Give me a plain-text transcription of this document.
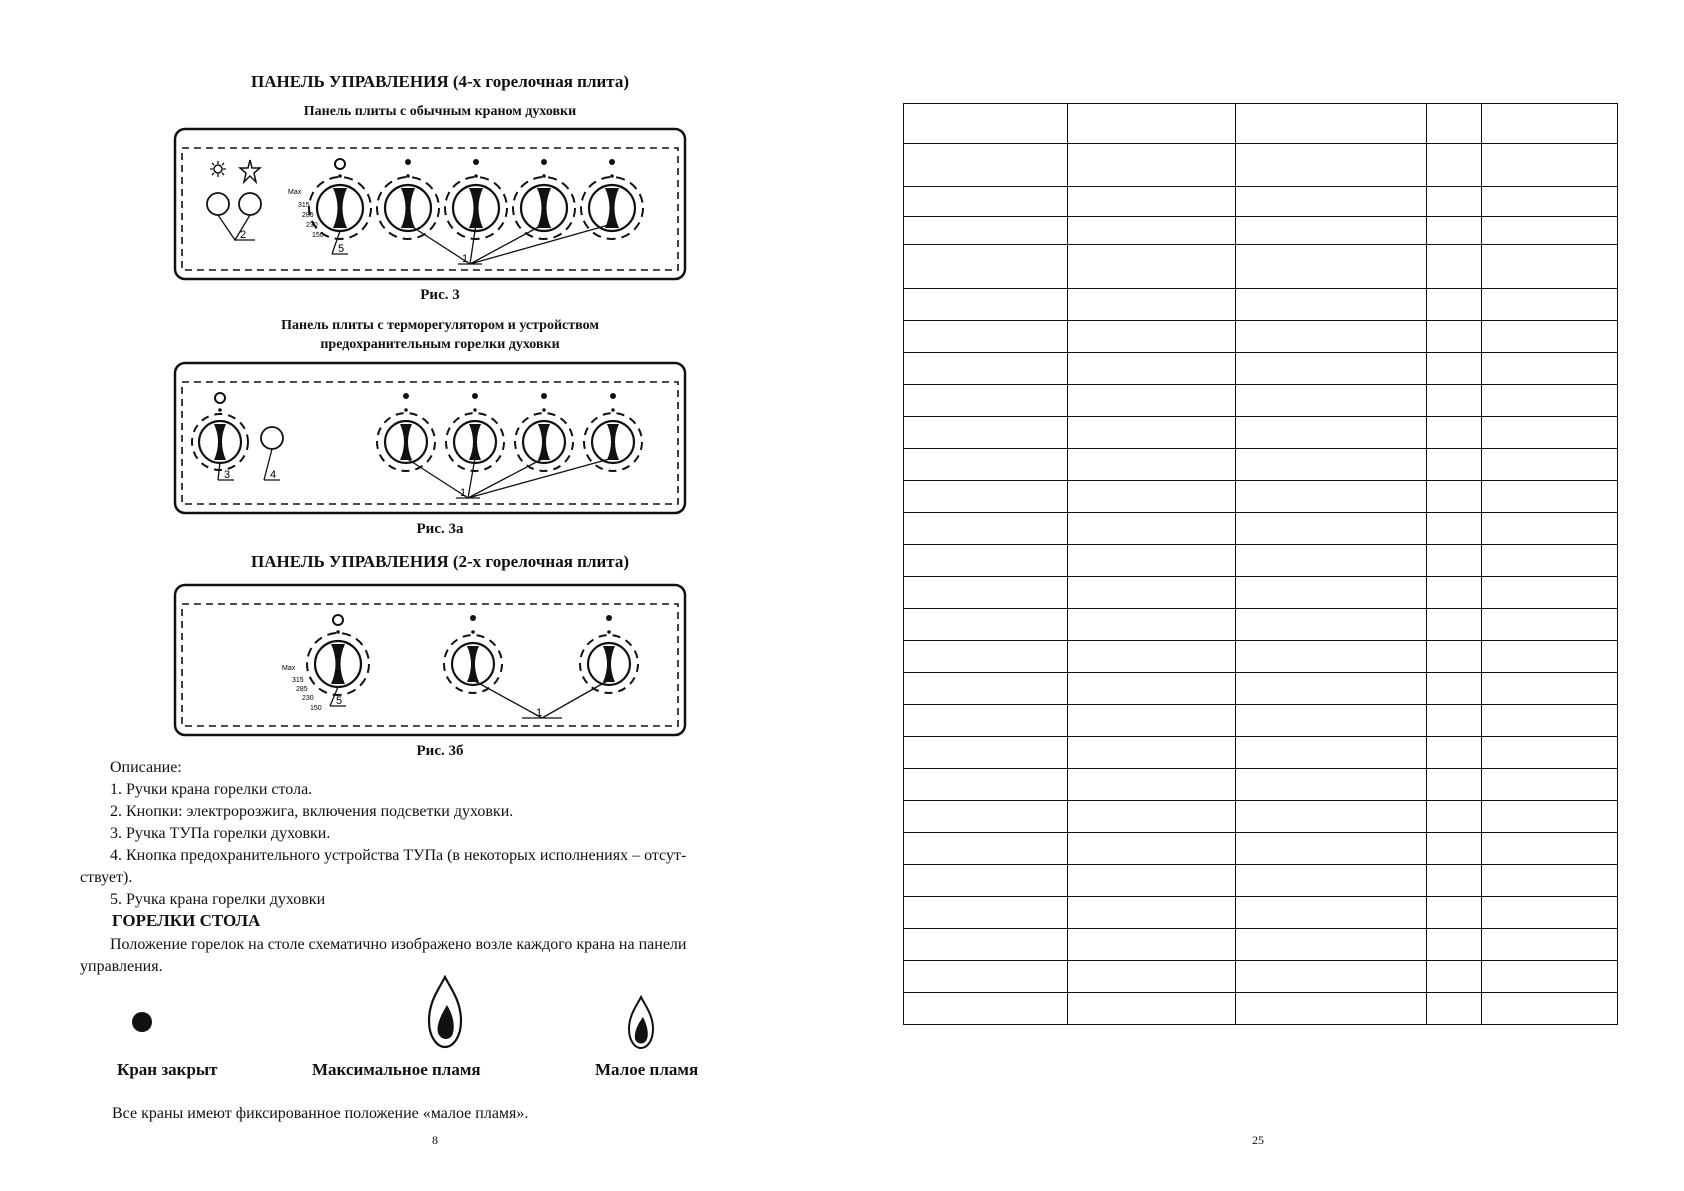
ПАНЕЛЬ УПРАВЛЕНИЯ (4-х горелочная плита)
Панель плиты с обычным краном духовки
2
Max
315
285
230
150
5
1
Рис. 3
Панель плиты с терморегулятором и устройством
предохранительным горелки духовки
3	4
1
Рис. 3а
ПАНЕЛЬ УПРАВЛЕНИЯ (2-х горелочная плита)
Max
315
285
230
150
5
1
Рис. 3б
Описание:
1. Ручки крана горелки стола.
2. Кнопки: электророзжига, включения подсветки духовки.
3. Ручка ТУПа горелки духовки.
4. Кнопка предохранительного устройства ТУПа (в некоторых исполнениях – отсут-
ствует).
5. Ручка крана горелки духовки
ГОРЕЛКИ СТОЛА
Положение горелок на столе схематично изображено возле каждого крана на панели
управления.
Кран закрыт	Максимальное пламя	Малое пламя
Все краны имеют фиксированное положение «малое пламя».
8

					25
